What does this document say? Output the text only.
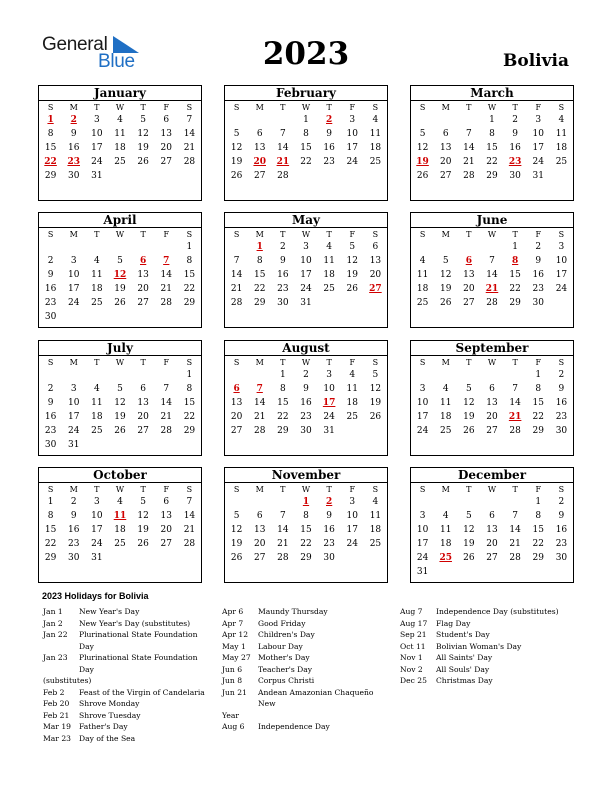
General
Blue	2023	Bolivia
January
S	M	T	W	T	F	S
1	2	3	4	5	6	7
8	9	10	11	12	13	14
15	16	17	18	19	20	21
22	23	24	25	26	27	28
29	30	31				
February
S	M	T	W	T	F	S
			1	2	3	4
5	6	7	8	9	10	11
12	13	14	15	16	17	18
19	20	21	22	23	24	25
26	27	28				
March
S	M	T	W	T	F	S
			1	2	3	4
5	6	7	8	9	10	11
12	13	14	15	16	17	18
19	20	21	22	23	24	25
26	27	28	29	30	31	
April
S	M	T	W	T	F	S
						1
2	3	4	5	6	7	8
9	10	11	12	13	14	15
16	17	18	19	20	21	22
23	24	25	26	27	28	29
30						
May
S	M	T	W	T	F	S
	1	2	3	4	5	6
7	8	9	10	11	12	13
14	15	16	17	18	19	20
21	22	23	24	25	26	27
28	29	30	31			
June
S	M	T	W	T	F	S
				1	2	3
4	5	6	7	8	9	10
11	12	13	14	15	16	17
18	19	20	21	22	23	24
25	26	27	28	29	30	
July
S	M	T	W	T	F	S
						1
2	3	4	5	6	7	8
9	10	11	12	13	14	15
16	17	18	19	20	21	22
23	24	25	26	27	28	29
30	31					
August
S	M	T	W	T	F	S
		1	2	3	4	5
6	7	8	9	10	11	12
13	14	15	16	17	18	19
20	21	22	23	24	25	26
27	28	29	30	31		
September
S	M	T	W	T	F	S
					1	2
3	4	5	6	7	8	9
10	11	12	13	14	15	16
17	18	19	20	21	22	23
24	25	26	27	28	29	30
October
S	M	T	W	T	F	S
1	2	3	4	5	6	7
8	9	10	11	12	13	14
15	16	17	18	19	20	21
22	23	24	25	26	27	28
29	30	31				
November
S	M	T	W	T	F	S
			1	2	3	4
5	6	7	8	9	10	11
12	13	14	15	16	17	18
19	20	21	22	23	24	25
26	27	28	29	30		
December
S	M	T	W	T	F	S
					1	2
3	4	5	6	7	8	9
10	11	12	13	14	15	16
17	18	19	20	21	22	23
24	25	26	27	28	29	30
31						
2023 Holidays for Bolivia
Jan 1	New Year's Day
Jan 2	New Year's Day (substitutes)
Jan 22	Plurinational State Foundation Day
Jan 23	Plurinational State Foundation Day
(substitutes)
Feb 2	Feast of the Virgin of Candelaria
Feb 20	Shrove Monday
Feb 21	Shrove Tuesday
Mar 19	Father's Day
Mar 23	Day of the Sea
Apr 6	Maundy Thursday
Apr 7	Good Friday
Apr 12	Children's Day
May 1	Labour Day
May 27 Mother's Day
Jun 6	Teacher's Day
Jun 8	Corpus Christi
Jun 21	Andean Amazonian Chaqueño New
Year
Aug 6	Independence Day
Aug 7	Independence Day (substitutes)
Aug 17	Flag Day
Sep 21	Student's Day
Oct 11	Bolivian Woman's Day
Nov 1	All Saints' Day
Nov 2	All Souls' Day
Dec 25	Christmas Day
